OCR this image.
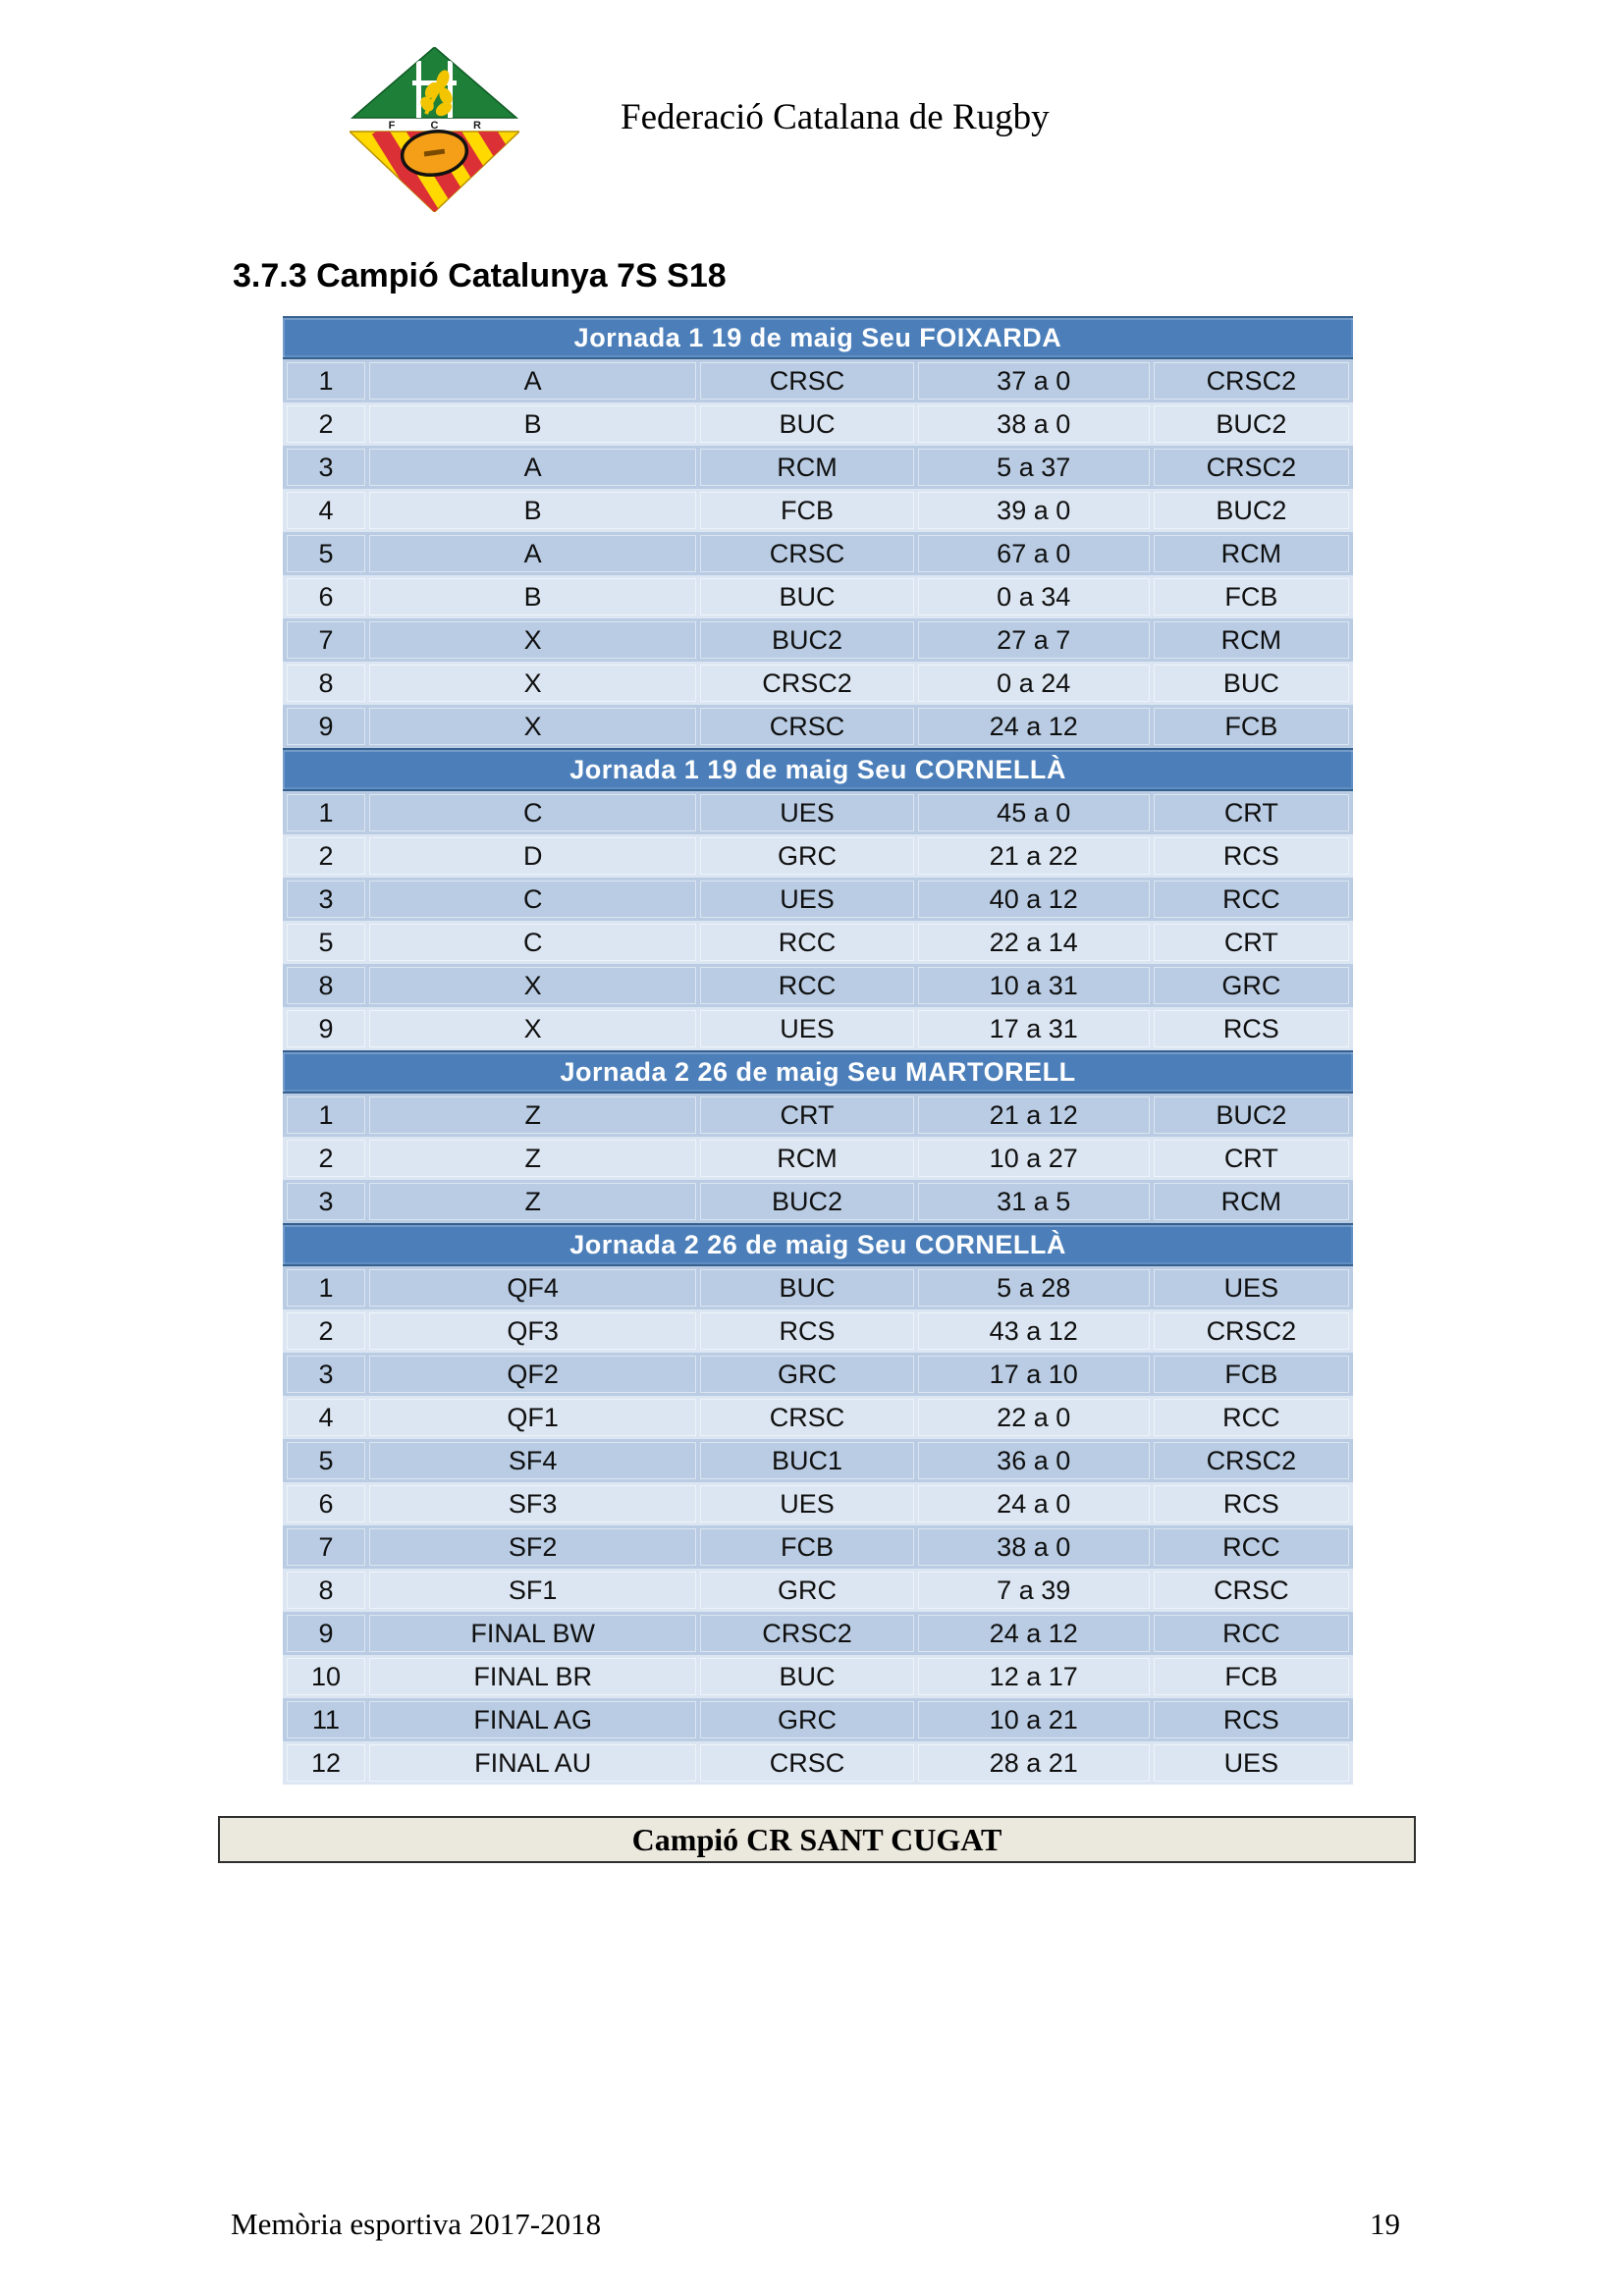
F	C	R	Federació Catalana de Rugby
3.7.3 Campió Catalunya 7S S18
Jornada 1 19 de maig Seu FOIXARDA
1	A	CRSC	37 a 0	CRSC2
2	B	BUC	38 a 0	BUC2
3	A	RCM	5 a 37	CRSC2
4	B	FCB	39 a 0	BUC2
5	A	CRSC	67 a 0	RCM
6	B	BUC	0 a 34	FCB
7	X	BUC2	27 a 7	RCM
8	X	CRSC2	0 a 24	BUC
9	X	CRSC	24 a 12	FCB
Jornada 1 19 de maig Seu CORNELLÀ
1	C	UES	45 a 0	CRT
2	D	GRC	21 a 22	RCS
3	C	UES	40 a 12	RCC
5	C	RCC	22 a 14	CRT
8	X	RCC	10 a 31	GRC
9	X	UES	17 a 31	RCS
Jornada 2 26 de maig Seu MARTORELL
1	Z	CRT	21 a 12	BUC2
2	Z	RCM	10 a 27	CRT
3	Z	BUC2	31 a 5	RCM
Jornada 2 26 de maig Seu CORNELLÀ
1	QF4	BUC	5 a 28	UES
2	QF3	RCS	43 a 12	CRSC2
3	QF2	GRC	17 a 10	FCB
4	QF1	CRSC	22 a 0	RCC
5	SF4	BUC1	36 a 0	CRSC2
6	SF3	UES	24 a 0	RCS
7	SF2	FCB	38 a 0	RCC
8	SF1	GRC	7 a 39	CRSC
9	FINAL BW	CRSC2	24 a 12	RCC
10	FINAL BR	BUC	12 a 17	FCB
11	FINAL AG	GRC	10 a 21	RCS
12	FINAL AU	CRSC	28 a 21	UES
Campió CR SANT CUGAT
Memòria esportiva 2017-2018	19
